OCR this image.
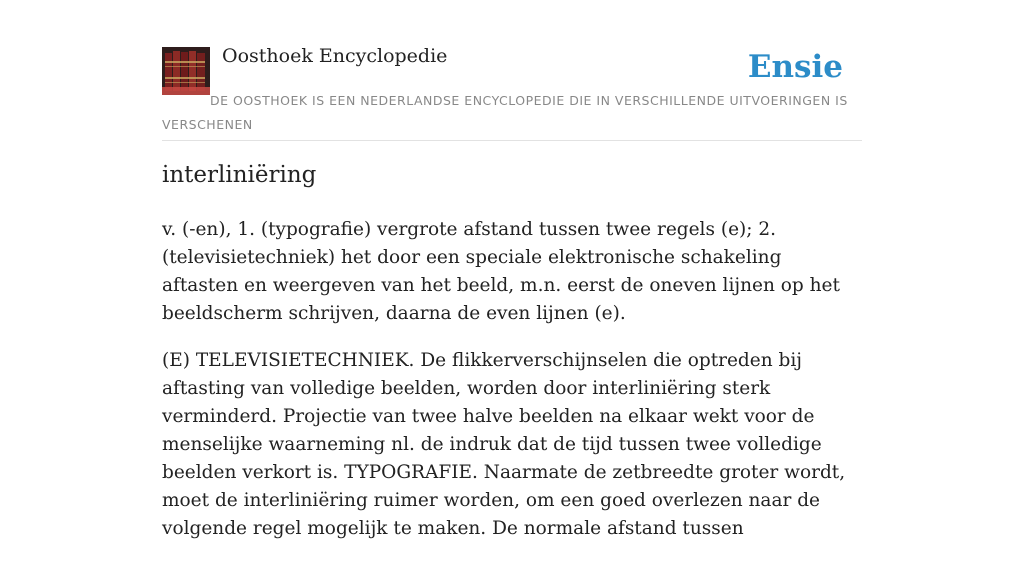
Oosthoek Encyclopedie	Ensie
DE OOSTHOEK IS EEN NEDERLANDSE ENCYCLOPEDIE DIE IN VERSCHILLENDE UITVOERINGEN IS VERSCHENEN
interliniëring

v. (-en), 1. (typografie) vergrote afstand tussen twee regels (e); 2. (televisietechniek) het door een speciale elektronische schakeling aftasten en weergeven van het beeld, m.n. eerst de oneven lijnen op het beeldscherm schrijven, daarna de even lijnen (e).

(E) TELEVISIETECHNIEK. De flikkerverschijnselen die optreden bij aftasting van volledige beelden, worden door interliniëring sterk verminderd. Projectie van twee halve beelden na elkaar wekt voor de menselijke waarneming nl. de indruk dat de tijd tussen twee volledige beelden verkort is. TYPOGRAFIE. Naarmate de zetbreedte groter wordt, moet de interliniëring ruimer worden, om een goed overlezen naar de volgende regel mogelijk te maken. De normale afstand tussen
